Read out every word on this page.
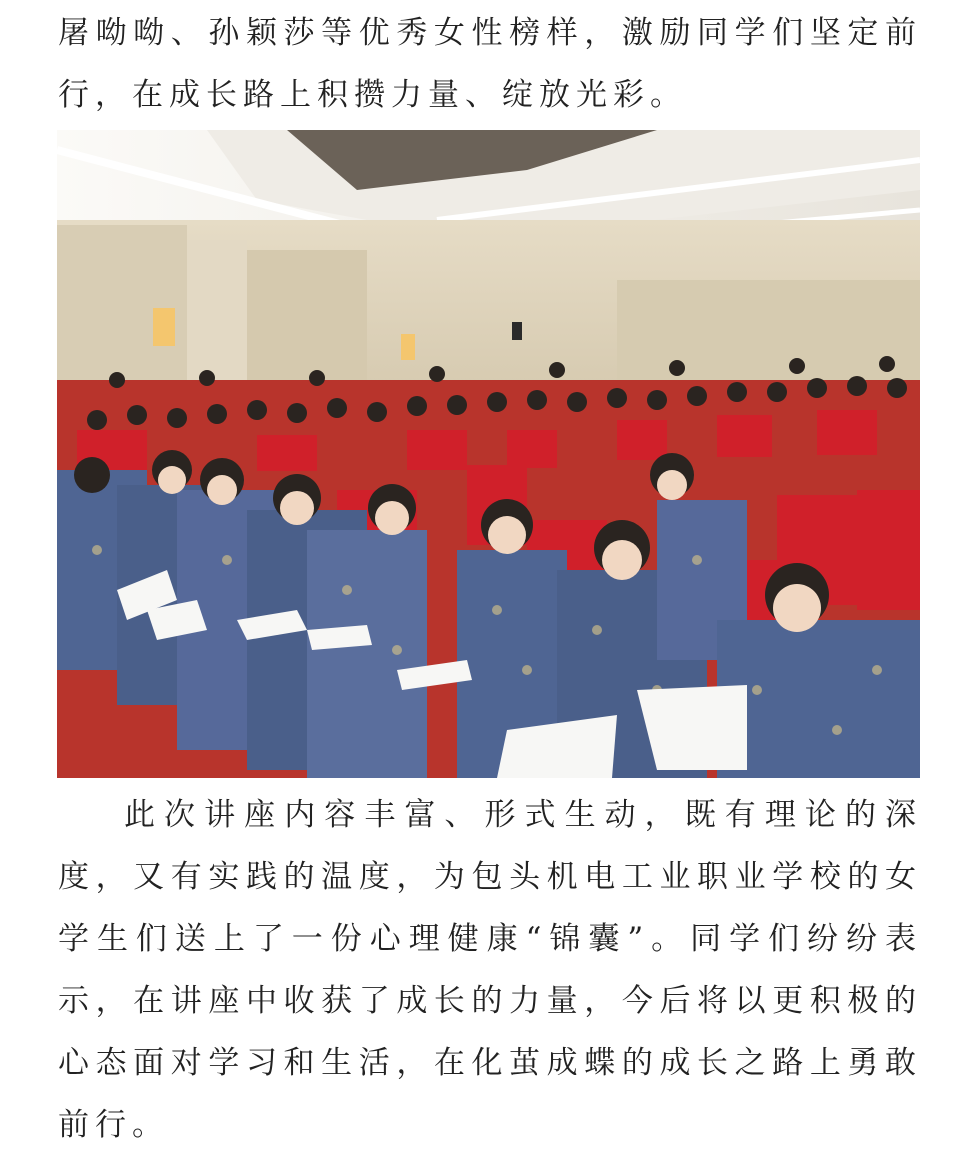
屠呦呦、孙颖莎等优秀女性榜样，激励同学们坚定前行，在成长路上积攒力量、绽放光彩。

此次讲座内容丰富、形式生动，既有理论的深度，又有实践的温度，为包头机电工业职业学校的女学生们送上了一份心理健康“锦囊”。同学们纷纷表示，在讲座中收获了成长的力量，今后将以更积极的心态面对学习和生活，在化茧成蝶的成长之路上勇敢前行。
